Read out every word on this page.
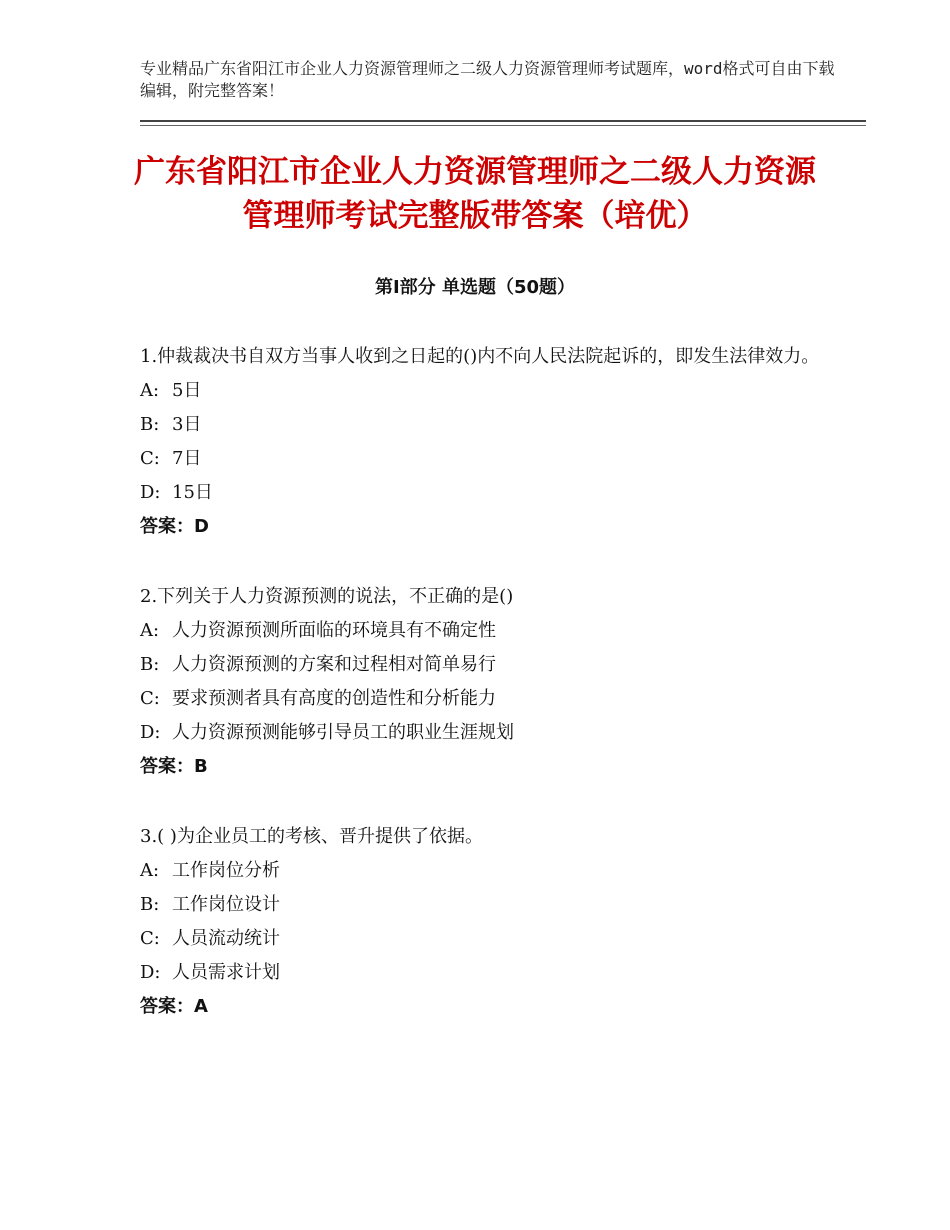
专业精品广东省阳江市企业人力资源管理师之二级人力资源管理师考试题库，word格式可自由下载编辑，附完整答案！
广东省阳江市企业人力资源管理师之二级人力资源管理师考试完整版带答案（培优）
第Ⅰ部分 单选题（50题）

1.仲裁裁决书自双方当事人收到之日起的()内不向人民法院起诉的，即发生法律效力。

A: 5日

B: 3日

C: 7日

D: 15日

答案：D

2.下列关于人力资源预测的说法，不正确的是()

A: 人力资源预测所面临的环境具有不确定性

B: 人力资源预测的方案和过程相对简单易行

C: 要求预测者具有高度的创造性和分析能力

D: 人力资源预测能够引导员工的职业生涯规划

答案：B

3.( )为企业员工的考核、晋升提供了依据。

A: 工作岗位分析

B: 工作岗位设计

C: 人员流动统计

D: 人员需求计划

答案：A
